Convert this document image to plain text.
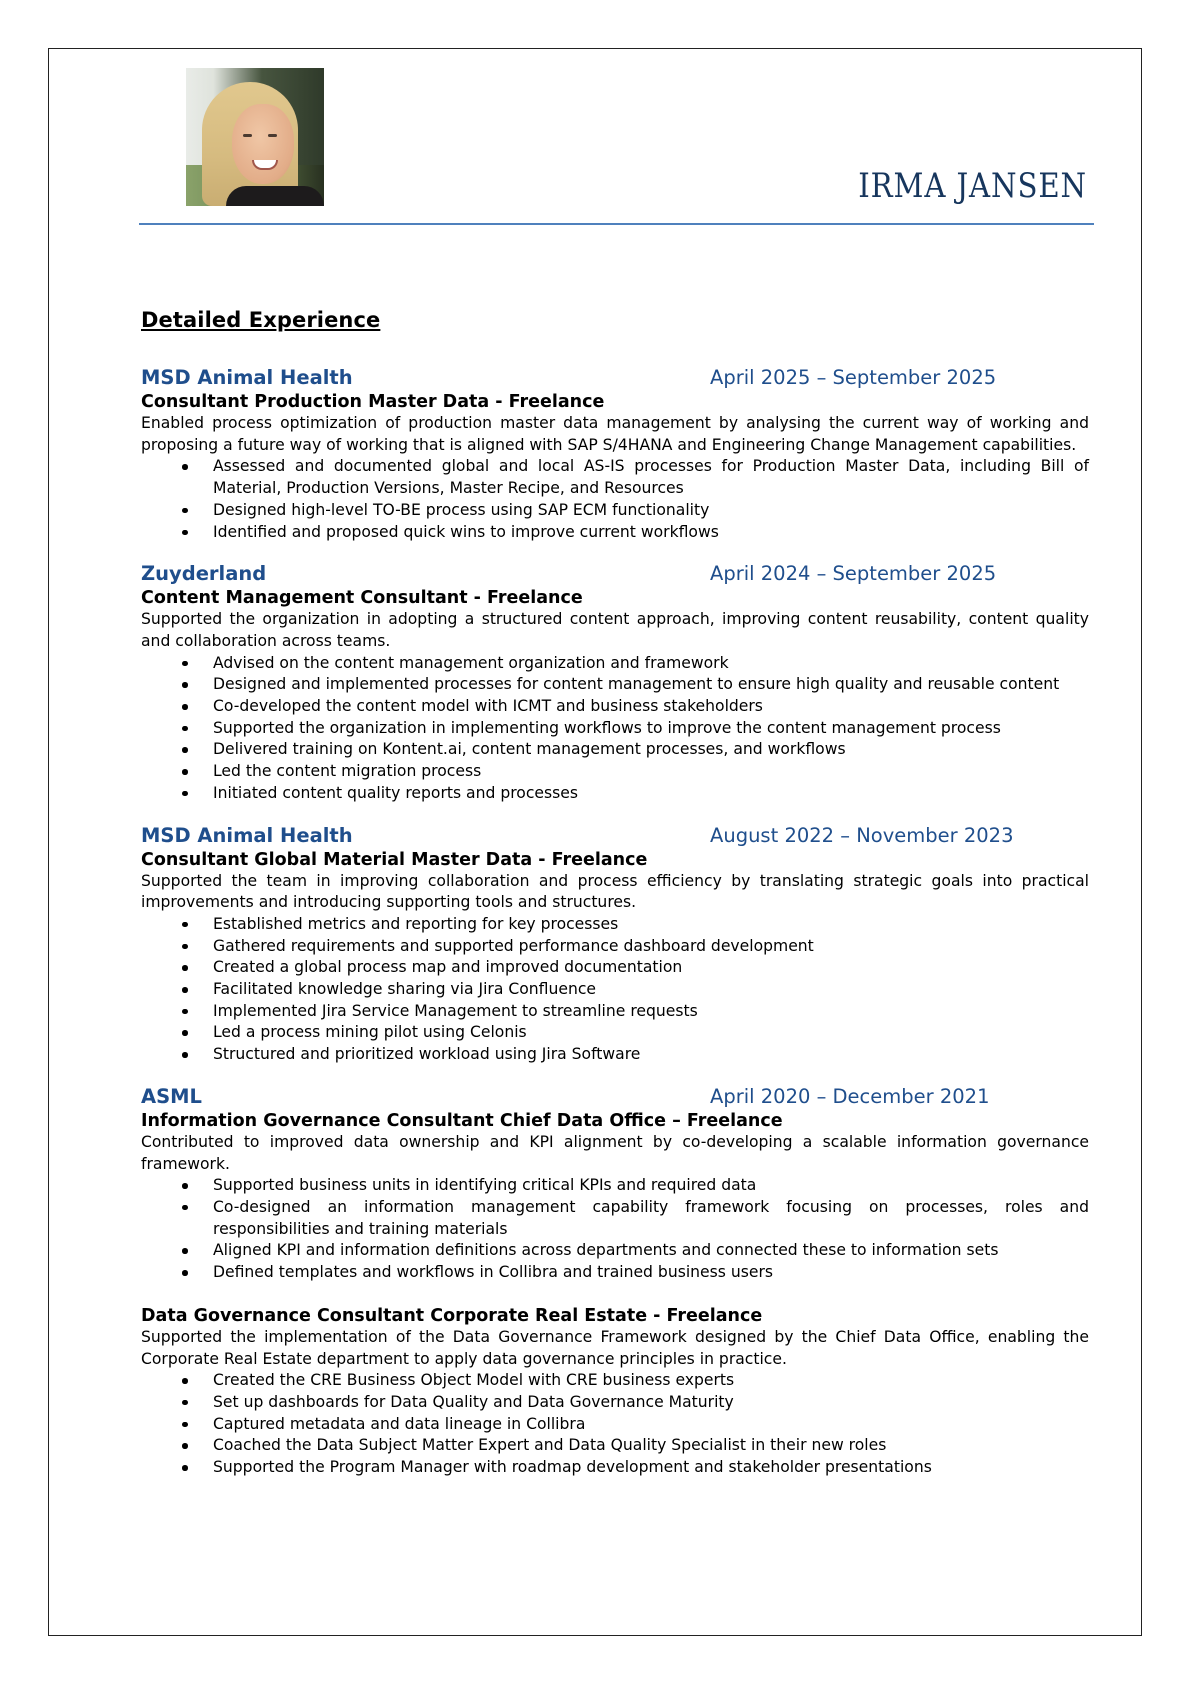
IRMA JANSEN
Detailed Experience
MSD Animal Health	April 2025 – September 2025
Consultant Production Master Data - Freelance
Enabled process optimization of production master data management by analysing the current way of working and proposing a future way of working that is aligned with SAP S/4HANA and Engineering Change Management capabilities.
Assessed and documented global and local AS-IS processes for Production Master Data, including Bill of Material, Production Versions, Master Recipe, and Resources
Designed high-level TO-BE process using SAP ECM functionality
Identified and proposed quick wins to improve current workflows
Zuyderland	April 2024 – September 2025
Content Management Consultant - Freelance
Supported the organization in adopting a structured content approach, improving content reusability, content quality and collaboration across teams.
Advised on the content management organization and framework
Designed and implemented processes for content management to ensure high quality and reusable content
Co-developed the content model with ICMT and business stakeholders
Supported the organization in implementing workflows to improve the content management process
Delivered training on Kontent.ai, content management processes, and workflows
Led the content migration process
Initiated content quality reports and processes
MSD Animal Health	August 2022 – November 2023
Consultant Global Material Master Data - Freelance
Supported the team in improving collaboration and process efficiency by translating strategic goals into practical improvements and introducing supporting tools and structures.
Established metrics and reporting for key processes
Gathered requirements and supported performance dashboard development
Created a global process map and improved documentation
Facilitated knowledge sharing via Jira Confluence
Implemented Jira Service Management to streamline requests
Led a process mining pilot using Celonis
Structured and prioritized workload using Jira Software
ASML	April 2020 – December 2021
Information Governance Consultant Chief Data Office – Freelance
Contributed to improved data ownership and KPI alignment by co-developing a scalable information governance framework.
Supported business units in identifying critical KPIs and required data
Co-designed an information management capability framework focusing on processes, roles and responsibilities and training materials
Aligned KPI and information definitions across departments and connected these to information sets
Defined templates and workflows in Collibra and trained business users
Data Governance Consultant Corporate Real Estate - Freelance
Supported the implementation of the Data Governance Framework designed by the Chief Data Office, enabling the Corporate Real Estate department to apply data governance principles in practice.
Created the CRE Business Object Model with CRE business experts
Set up dashboards for Data Quality and Data Governance Maturity
Captured metadata and data lineage in Collibra
Coached the Data Subject Matter Expert and Data Quality Specialist in their new roles
Supported the Program Manager with roadmap development and stakeholder presentations
